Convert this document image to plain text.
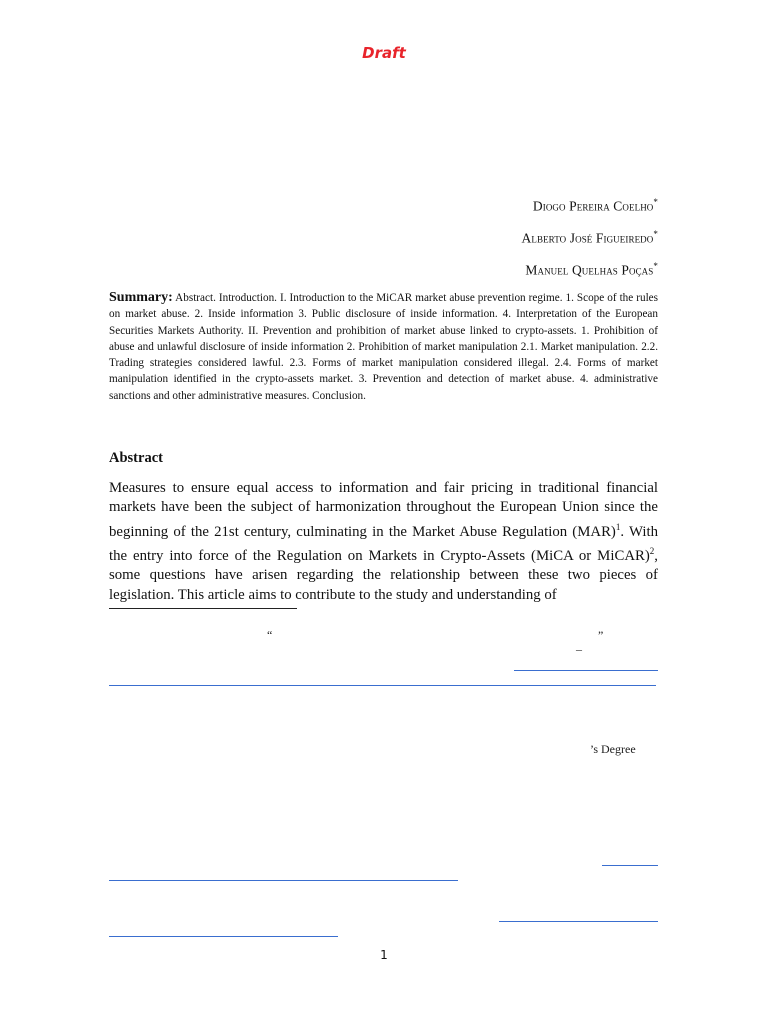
Draft
Diogo Pereira Coelho*
Alberto José Figueiredo*
Manuel Quelhas Poças*
Summary: Abstract. Introduction. I. Introduction to the MiCAR market abuse prevention regime. 1. Scope of the rules on market abuse. 2. Inside information 3. Public disclosure of inside information. 4. Interpretation of the European Securities Markets Authority. II. Prevention and prohibition of market abuse linked to crypto-assets. 1. Prohibition of abuse and unlawful disclosure of inside information 2. Prohibition of market manipulation 2.1. Market manipulation. 2.2. Trading strategies considered lawful. 2.3. Forms of market manipulation considered illegal. 2.4. Forms of market manipulation identified in the crypto-assets market. 3. Prevention and detection of market abuse. 4. administrative sanctions and other administrative measures. Conclusion.
Abstract
Measures to ensure equal access to information and fair pricing in traditional financial markets have been the subject of harmonization throughout the European Union since the beginning of the 21st century, culminating in the Market Abuse Regulation (MAR)$^1$. With the entry into force of the Regulation on Markets in Crypto-Assets (MiCA or MiCAR)$^2$, some questions have arisen regarding the relationship between these two pieces of legislation. This article aims to contribute to the study and understanding of
“	”
–
’s Degree
1
